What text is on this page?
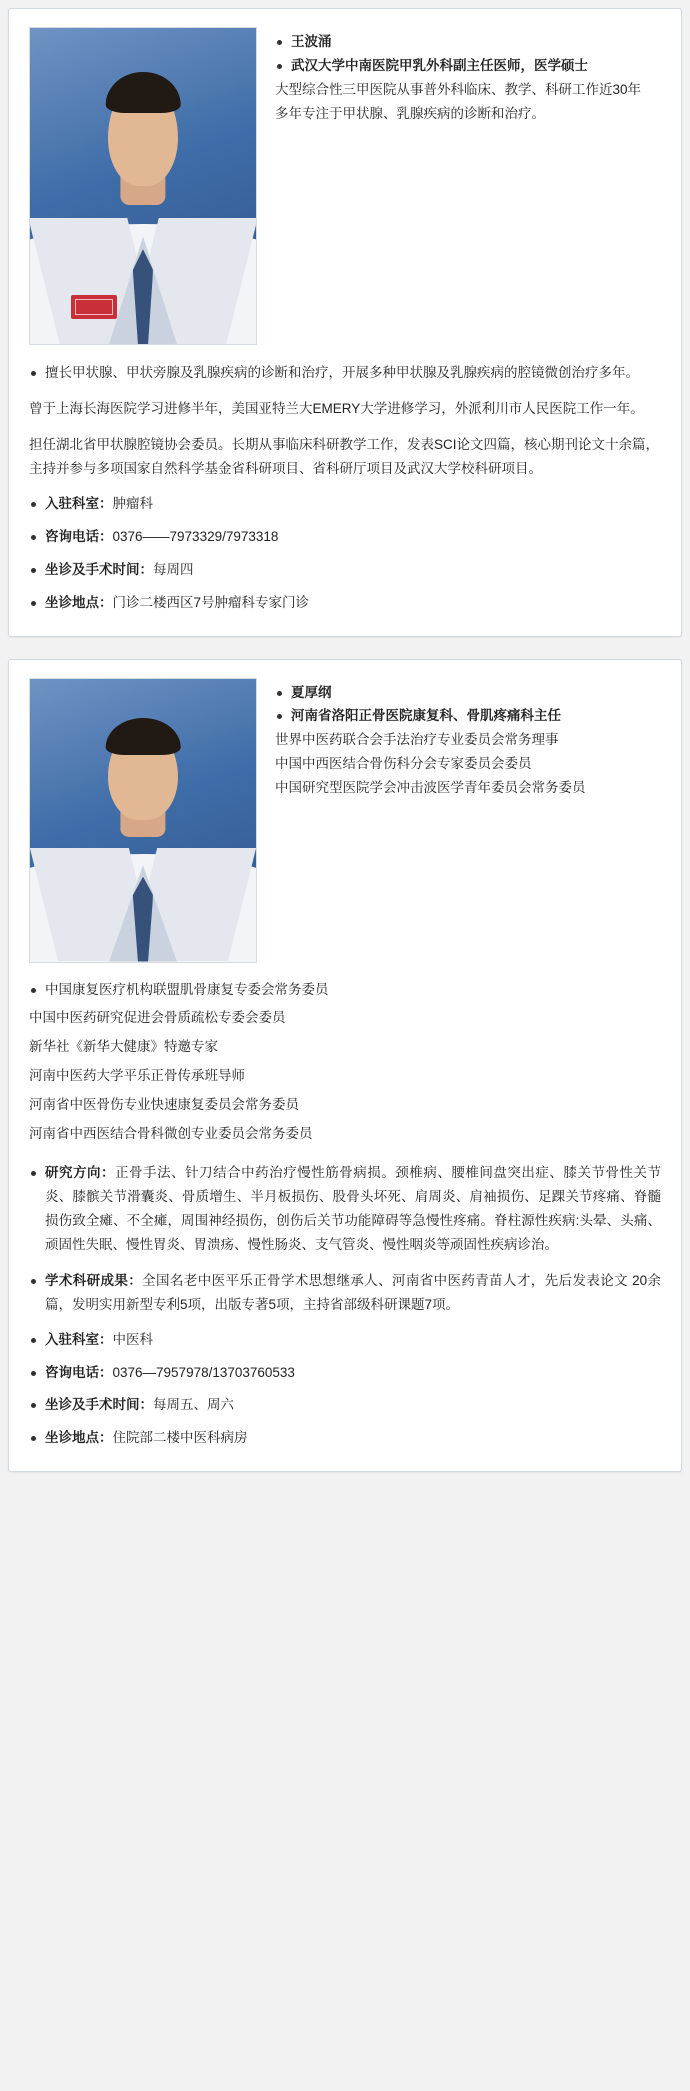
王波涌

武汉大学中南医院甲乳外科副主任医师，医学硕士

大型综合性三甲医院从事普外科临床、教学、科研工作近30年

多年专注于甲状腺、乳腺疾病的诊断和治疗。

擅长甲状腺、甲状旁腺及乳腺疾病的诊断和治疗，开展多种甲状腺及乳腺疾病的腔镜微创治疗多年。

曾于上海长海医院学习进修半年，美国亚特兰大EMERY大学进修学习，外派利川市人民医院工作一年。

担任湖北省甲状腺腔镜协会委员。长期从事临床科研教学工作，发表SCI论文四篇，核心期刊论文十余篇，主持并参与多项国家自然科学基金省科研项目、省科研厅项目及武汉大学校科研项目。

入驻科室：肿瘤科

咨询电话：0376——7973329/7973318

坐诊及手术时间：每周四

坐诊地点：门诊二楼西区7号肿瘤科专家门诊

夏厚纲

河南省洛阳正骨医院康复科、骨肌疼痛科主任

世界中医药联合会手法治疗专业委员会常务理事

中国中西医结合骨伤科分会专家委员会委员

中国研究型医院学会冲击波医学青年委员会常务委员

中国康复医疗机构联盟肌骨康复专委会常务委员

中国中医药研究促进会骨质疏松专委会委员

新华社《新华大健康》特邀专家

河南中医药大学平乐正骨传承班导师

河南省中医骨伤专业快速康复委员会常务委员

河南省中西医结合骨科微创专业委员会常务委员

研究方向：正骨手法、针刀结合中药治疗慢性筋骨病损。颈椎病、腰椎间盘突出症、膝关节骨性关节炎、膝髌关节滑囊炎、骨质增生、半月板损伤、股骨头坏死、肩周炎、肩袖损伤、足踝关节疼痛、脊髓损伤致全瘫、不全瘫，周围神经损伤，创伤后关节功能障碍等急慢性疼痛。脊柱源性疾病:头晕、头痛、顽固性失眠、慢性胃炎、胃溃疡、慢性肠炎、支气管炎、慢性咽炎等顽固性疾病诊治。

学术科研成果：全国名老中医平乐正骨学术思想继承人、河南省中医药青苗人才，先后发表论文 20余篇，发明实用新型专利5项，出版专著5项，主持省部级科研课题7项。

入驻科室：中医科

咨询电话：0376—7957978/13703760533

坐诊及手术时间：每周五、周六

坐诊地点：住院部二楼中医科病房
